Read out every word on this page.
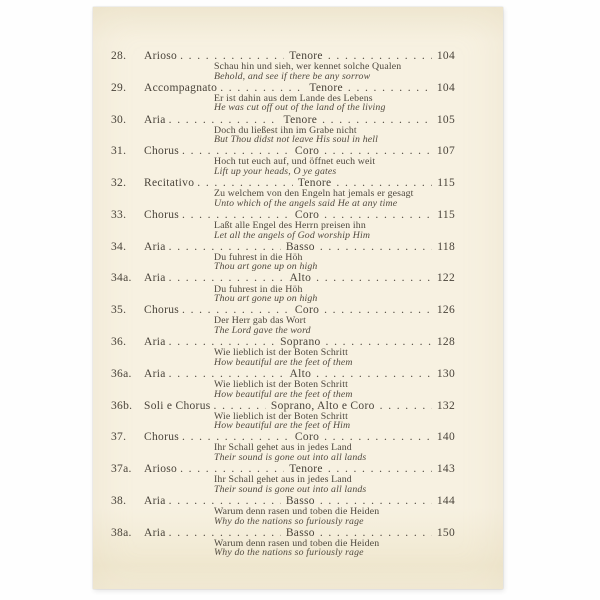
28.	Arioso . . .	Tenore . . .	104
Schau hin und sieh, wer kennet solche Qualen
Behold, and see if there be any sorrow
29.	Accompagnato . . .	Tenore . . .	104
Er ist dahin aus dem Lande des Lebens
He was cut off out of the land of the living
30.	Aria . . .	Tenore . . .	105
Doch du ließest ihn im Grabe nicht
But Thou didst not leave His soul in hell
31.	Chorus . . .	Coro . . .	107
Hoch tut euch auf, und öffnet euch weit
Lift up your heads, O ye gates
32.	Recitativo . . .	Tenore . . .	115
Zu welchem von den Engeln hat jemals er gesagt
Unto which of the angels said He at any time
33.	Chorus . . .	Coro . . .	115
Laßt alle Engel des Herrn preisen ihn
Let all the angels of God worship Him
34.	Aria . . .	Basso . . .	118
Du fuhrest in die Höh
Thou art gone up on high
34a.	Aria . . .	Alto . . .	122
Du fuhrest in die Höh
Thou art gone up on high
35.	Chorus . . .	Coro . . .	126
Der Herr gab das Wort
The Lord gave the word
36.	Aria . . .	Soprano . . .	128
Wie lieblich ist der Boten Schritt
How beautiful are the feet of them
36a.	Aria . . .	Alto . . .	130
Wie lieblich ist der Boten Schritt
How beautiful are the feet of them
36b.	Soli e Chorus . . .	Soprano, Alto e Coro . . .	132
Wie lieblich ist der Boten Schritt
How beautiful are the feet of Him
37.	Chorus . . .	Coro . . .	140
Ihr Schall gehet aus in jedes Land
Their sound is gone out into all lands
37a.	Arioso . . .	Tenore . . .	143
Ihr Schall gehet aus in jedes Land
Their sound is gone out into all lands
38.	Aria . . .	Basso . . .	144
Warum denn rasen und toben die Heiden
Why do the nations so furiously rage
38a.	Aria . . .	Basso . . .	150
Warum denn rasen und toben die Heiden
Why do the nations so furiously rage
